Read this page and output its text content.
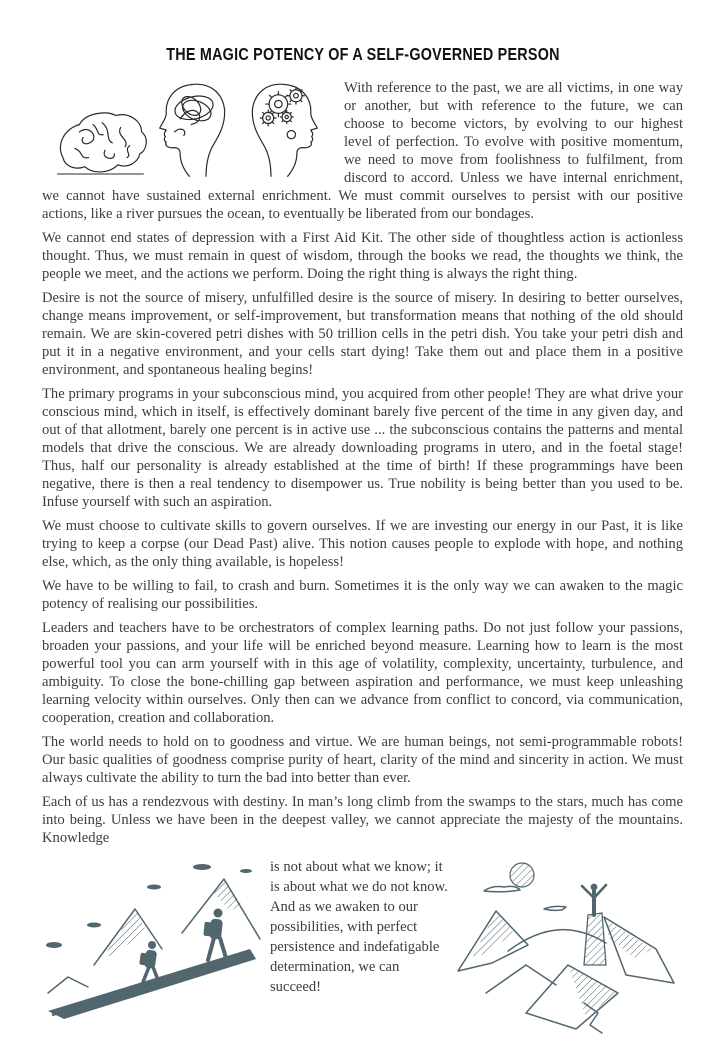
THE MAGIC POTENCY OF A SELF-GOVERNED PERSON

With reference to the past, we are all victims, in one way or another, but with reference to the future, we can choose to become victors, by evolving to our highest level of perfection. To evolve with positive momentum, we need to move from foolishness to fulfilment, from discord to accord. Unless we have internal enrichment, we cannot have sustained external enrichment. We must commit ourselves to persist with our positive actions, like a river pursues the ocean, to eventually be liberated from our bondages.

We cannot end states of depression with a First Aid Kit. The other side of thoughtless action is actionless thought. Thus, we must remain in quest of wisdom, through the books we read, the thoughts we think, the people we meet, and the actions we perform. Doing the right thing is always the right thing.

Desire is not the source of misery, unfulfilled desire is the source of misery. In desiring to better ourselves, change means improvement, or self-improvement, but transformation means that nothing of the old should remain. We are skin-covered petri dishes with 50 trillion cells in the petri dish. You take your petri dish and put it in a negative environment, and your cells start dying! Take them out and place them in a positive environment, and spontaneous healing begins!

The primary programs in your subconscious mind, you acquired from other people! They are what drive your conscious mind, which in itself, is effectively dominant barely five percent of the time in any given day, and out of that allotment, barely one percent is in active use ... the subconscious contains the patterns and mental models that drive the conscious. We are already downloading programs in utero, and in the foetal stage! Thus, half our personality is already established at the time of birth! If these programmings have been negative, there is then a real tendency to disempower us. True nobility is being better than you used to be. Infuse yourself with such an aspiration.

We must choose to cultivate skills to govern ourselves. If we are investing our energy in our Past, it is like trying to keep a corpse (our Dead Past) alive. This notion causes people to explode with hope, and nothing else, which, as the only thing available, is hopeless!

We have to be willing to fail, to crash and burn. Sometimes it is the only way we can awaken to the magic potency of realising our possibilities.

Leaders and teachers have to be orchestrators of complex learning paths. Do not just follow your passions, broaden your passions, and your life will be enriched beyond measure. Learning how to learn is the most powerful tool you can arm yourself with in this age of volatility, complexity, uncertainty, turbulence, and ambiguity. To close the bone-chilling gap between aspiration and performance, we must keep unleashing learning velocity within ourselves. Only then can we advance from conflict to concord, via communication, cooperation, creation and collaboration.

The world needs to hold on to goodness and virtue. We are human beings, not semi-programmable robots! Our basic qualities of goodness comprise purity of heart, clarity of the mind and sincerity in action. We must always cultivate the ability to turn the bad into better than ever.

Each of us has a rendezvous with destiny. In man’s long climb from the swamps to the stars, much has come into being. Unless we have been in the deepest valley, we cannot appreciate the majesty of the mountains. Knowledge

is not about what we know; it is about what we do not know. And as we awaken to our possibilities, with perfect persistence and indefatigable determination, we can succeed!
